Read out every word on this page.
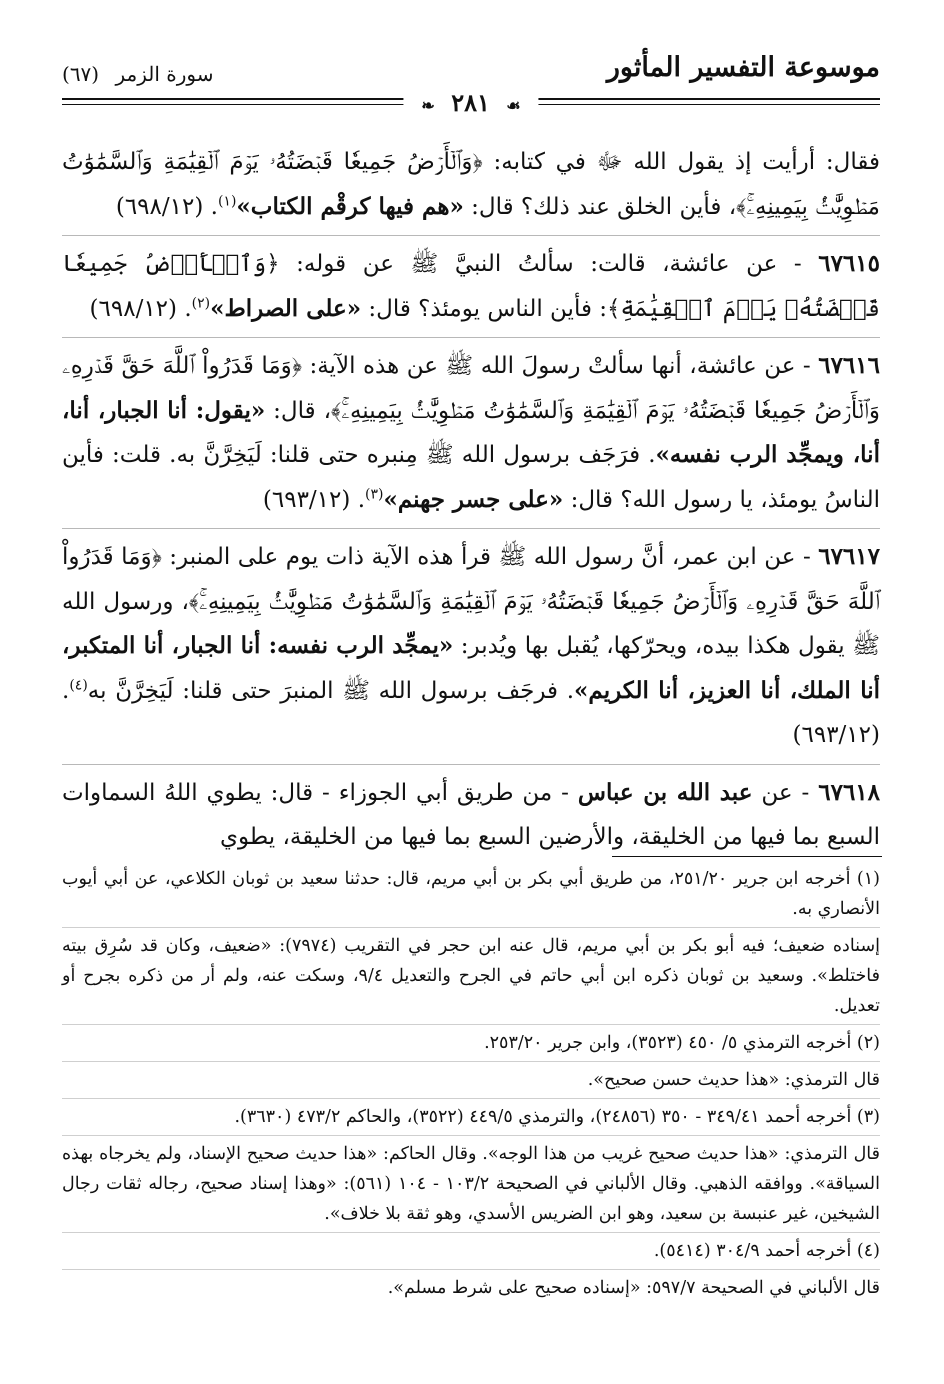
موسوعة التفسير المأثور
سورة الزمر (٦٧)
☙ ٢٨١ ❧

فقال: أرأيت إذ يقول الله ﷻ في كتابه: ﴿وَٱلۡأَرۡضُ جَمِيعٗا قَبۡضَتُهُۥ يَوۡمَ ٱلۡقِيَٰمَةِ وَٱلسَّمَٰوَٰتُ مَطۡوِيَّٰتُۢ بِيَمِينِهِۦۚ﴾، فأين الخلق عند ذلك؟ قال: «هم فيها كرقْم الكتاب»$^{(١)}$. (٦٩٨/١٢)

٦٧٦١٥ - عن عائشة، قالت: سألتُ النبيَّ ﷺ عن قوله: ﴿وَٱلۡأَرۡضُ جَمِيعٗا قَبۡضَتُهُۥ يَوۡمَ ٱلۡقِيَٰمَةِ﴾: فأين الناس يومئذ؟ قال: «على الصراط»$^{(٢)}$. (٦٩٨/١٢)

٦٧٦١٦ - عن عائشة، أنها سألتْ رسولَ الله ﷺ عن هذه الآية: ﴿وَمَا قَدَرُواْ ٱللَّهَ حَقَّ قَدۡرِهِۦ وَٱلۡأَرۡضُ جَمِيعٗا قَبۡضَتُهُۥ يَوۡمَ ٱلۡقِيَٰمَةِ وَٱلسَّمَٰوَٰتُ مَطۡوِيَّٰتُۢ بِيَمِينِهِۦۚ﴾، قال: «يقول: أنا الجبار، أنا، أنا، ويمجِّد الرب نفسه». فرَجَف برسول الله ﷺ مِنبره حتى قلنا: لَيَخِرَّنَّ به. قلت: فأين الناسُ يومئذ، يا رسول الله؟ قال: «على جسر جهنم»$^{(٣)}$. (٦٩٣/١٢)

٦٧٦١٧ - عن ابن عمر، أنَّ رسول الله ﷺ قرأ هذه الآية ذات يوم على المنبر: ﴿وَمَا قَدَرُواْ ٱللَّهَ حَقَّ قَدۡرِهِۦ وَٱلۡأَرۡضُ جَمِيعٗا قَبۡضَتُهُۥ يَوۡمَ ٱلۡقِيَٰمَةِ وَٱلسَّمَٰوَٰتُ مَطۡوِيَّٰتُۢ بِيَمِينِهِۦۚ﴾، ورسول الله ﷺ يقول هكذا بيده، ويحرّكها، يُقبل بها ويُدبر: «يمجِّد الرب نفسه: أنا الجبار، أنا المتكبر، أنا الملك، أنا العزيز، أنا الكريم». فرجَف برسول الله ﷺ المنبرَ حتى قلنا: لَيَخِرَّنَّ به$^{(٤)}$. (٦٩٣/١٢)

٦٧٦١٨ - عن عبد الله بن عباس - من طريق أبي الجوزاء - قال: يطوي اللهُ السماوات السبع بما فيها من الخليقة، والأرضين السبع بما فيها من الخليقة، يطوي

(١) أخرجه ابن جرير ٢٥١/٢٠، من طريق أبي بكر بن أبي مريم، قال: حدثنا سعيد بن ثوبان الكلاعي، عن أبي أيوب الأنصاري به.
إسناده ضعيف؛ فيه أبو بكر بن أبي مريم، قال عنه ابن حجر في التقريب (٧٩٧٤): «ضعيف، وكان قد سُرِق بيته فاختلط». وسعيد بن ثوبان ذكره ابن أبي حاتم في الجرح والتعديل ٩/٤، وسكت عنه، ولم أر من ذكره بجرح أو تعديل.
(٢) أخرجه الترمذي ٥/ ٤٥٠ (٣٥٢٣)، وابن جرير ٢٥٣/٢٠.
قال الترمذي: «هذا حديث حسن صحيح».
(٣) أخرجه أحمد ٣٤٩/٤١ - ٣٥٠ (٢٤٨٥٦)، والترمذي ٤٤٩/٥ (٣٥٢٢)، والحاكم ٤٧٣/٢ (٣٦٣٠).
قال الترمذي: «هذا حديث صحيح غريب من هذا الوجه». وقال الحاكم: «هذا حديث صحيح الإسناد، ولم يخرجاه بهذه السياقة». ووافقه الذهبي. وقال الألباني في الصحيحة ١٠٣/٢ - ١٠٤ (٥٦١): «وهذا إسناد صحيح، رجاله ثقات رجال الشيخين، غير عنبسة بن سعيد، وهو ابن الضريس الأسدي، وهو ثقة بلا خلاف».
(٤) أخرجه أحمد ٣٠٤/٩ (٥٤١٤).
قال الألباني في الصحيحة ٥٩٧/٧: «إسناده صحيح على شرط مسلم».
